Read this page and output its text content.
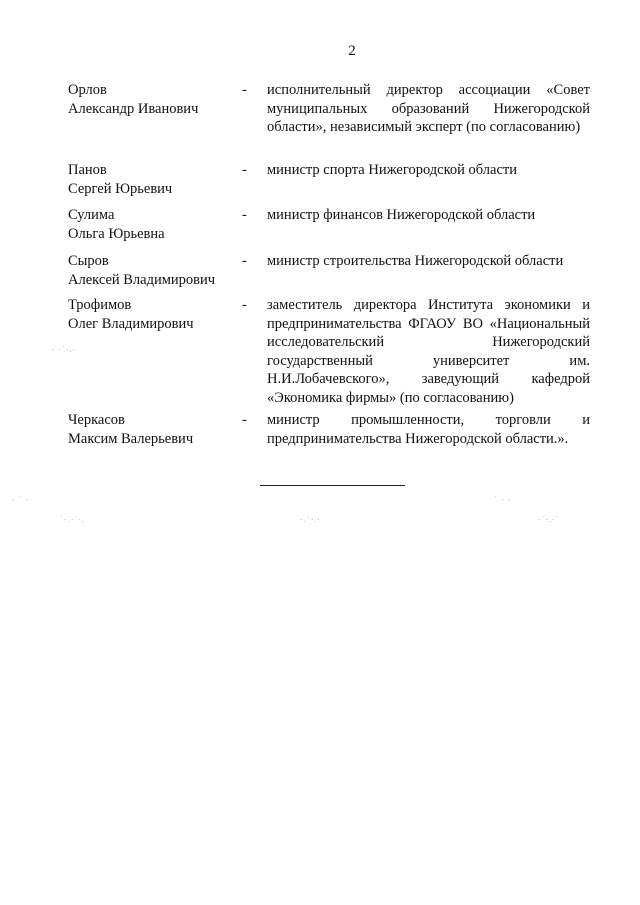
2
Орлов
Александр Иванович
- исполнительный директор ассоциации «Совет муниципальных образований Нижегородской области», независимый эксперт (по согласованию)
Панов
Сергей Юрьевич
- министр спорта Нижегородской области
Сулима
Ольга Юрьевна
- министр финансов Нижегородской области
Сыров
Алексей Владимирович
- министр строительства Нижегородской области
Трофимов
Олег Владимирович
- заместитель директора Института экономики и предпринимательства ФГАОУ ВО «Национальный исследовательский Нижегородский государственный университет им. Н.И.Лобачевского», заведующий кафедрой «Экономика фирмы» (по согласованию)
Черкасов
Максим Валерьевич
- министр промышленности, торговли и предпринимательства Нижегородской области.».
· ·˙·.·
· ˙ ·
˙·.·˙·.	·.˙·.·	·˙·.·˙
˙ · ·
